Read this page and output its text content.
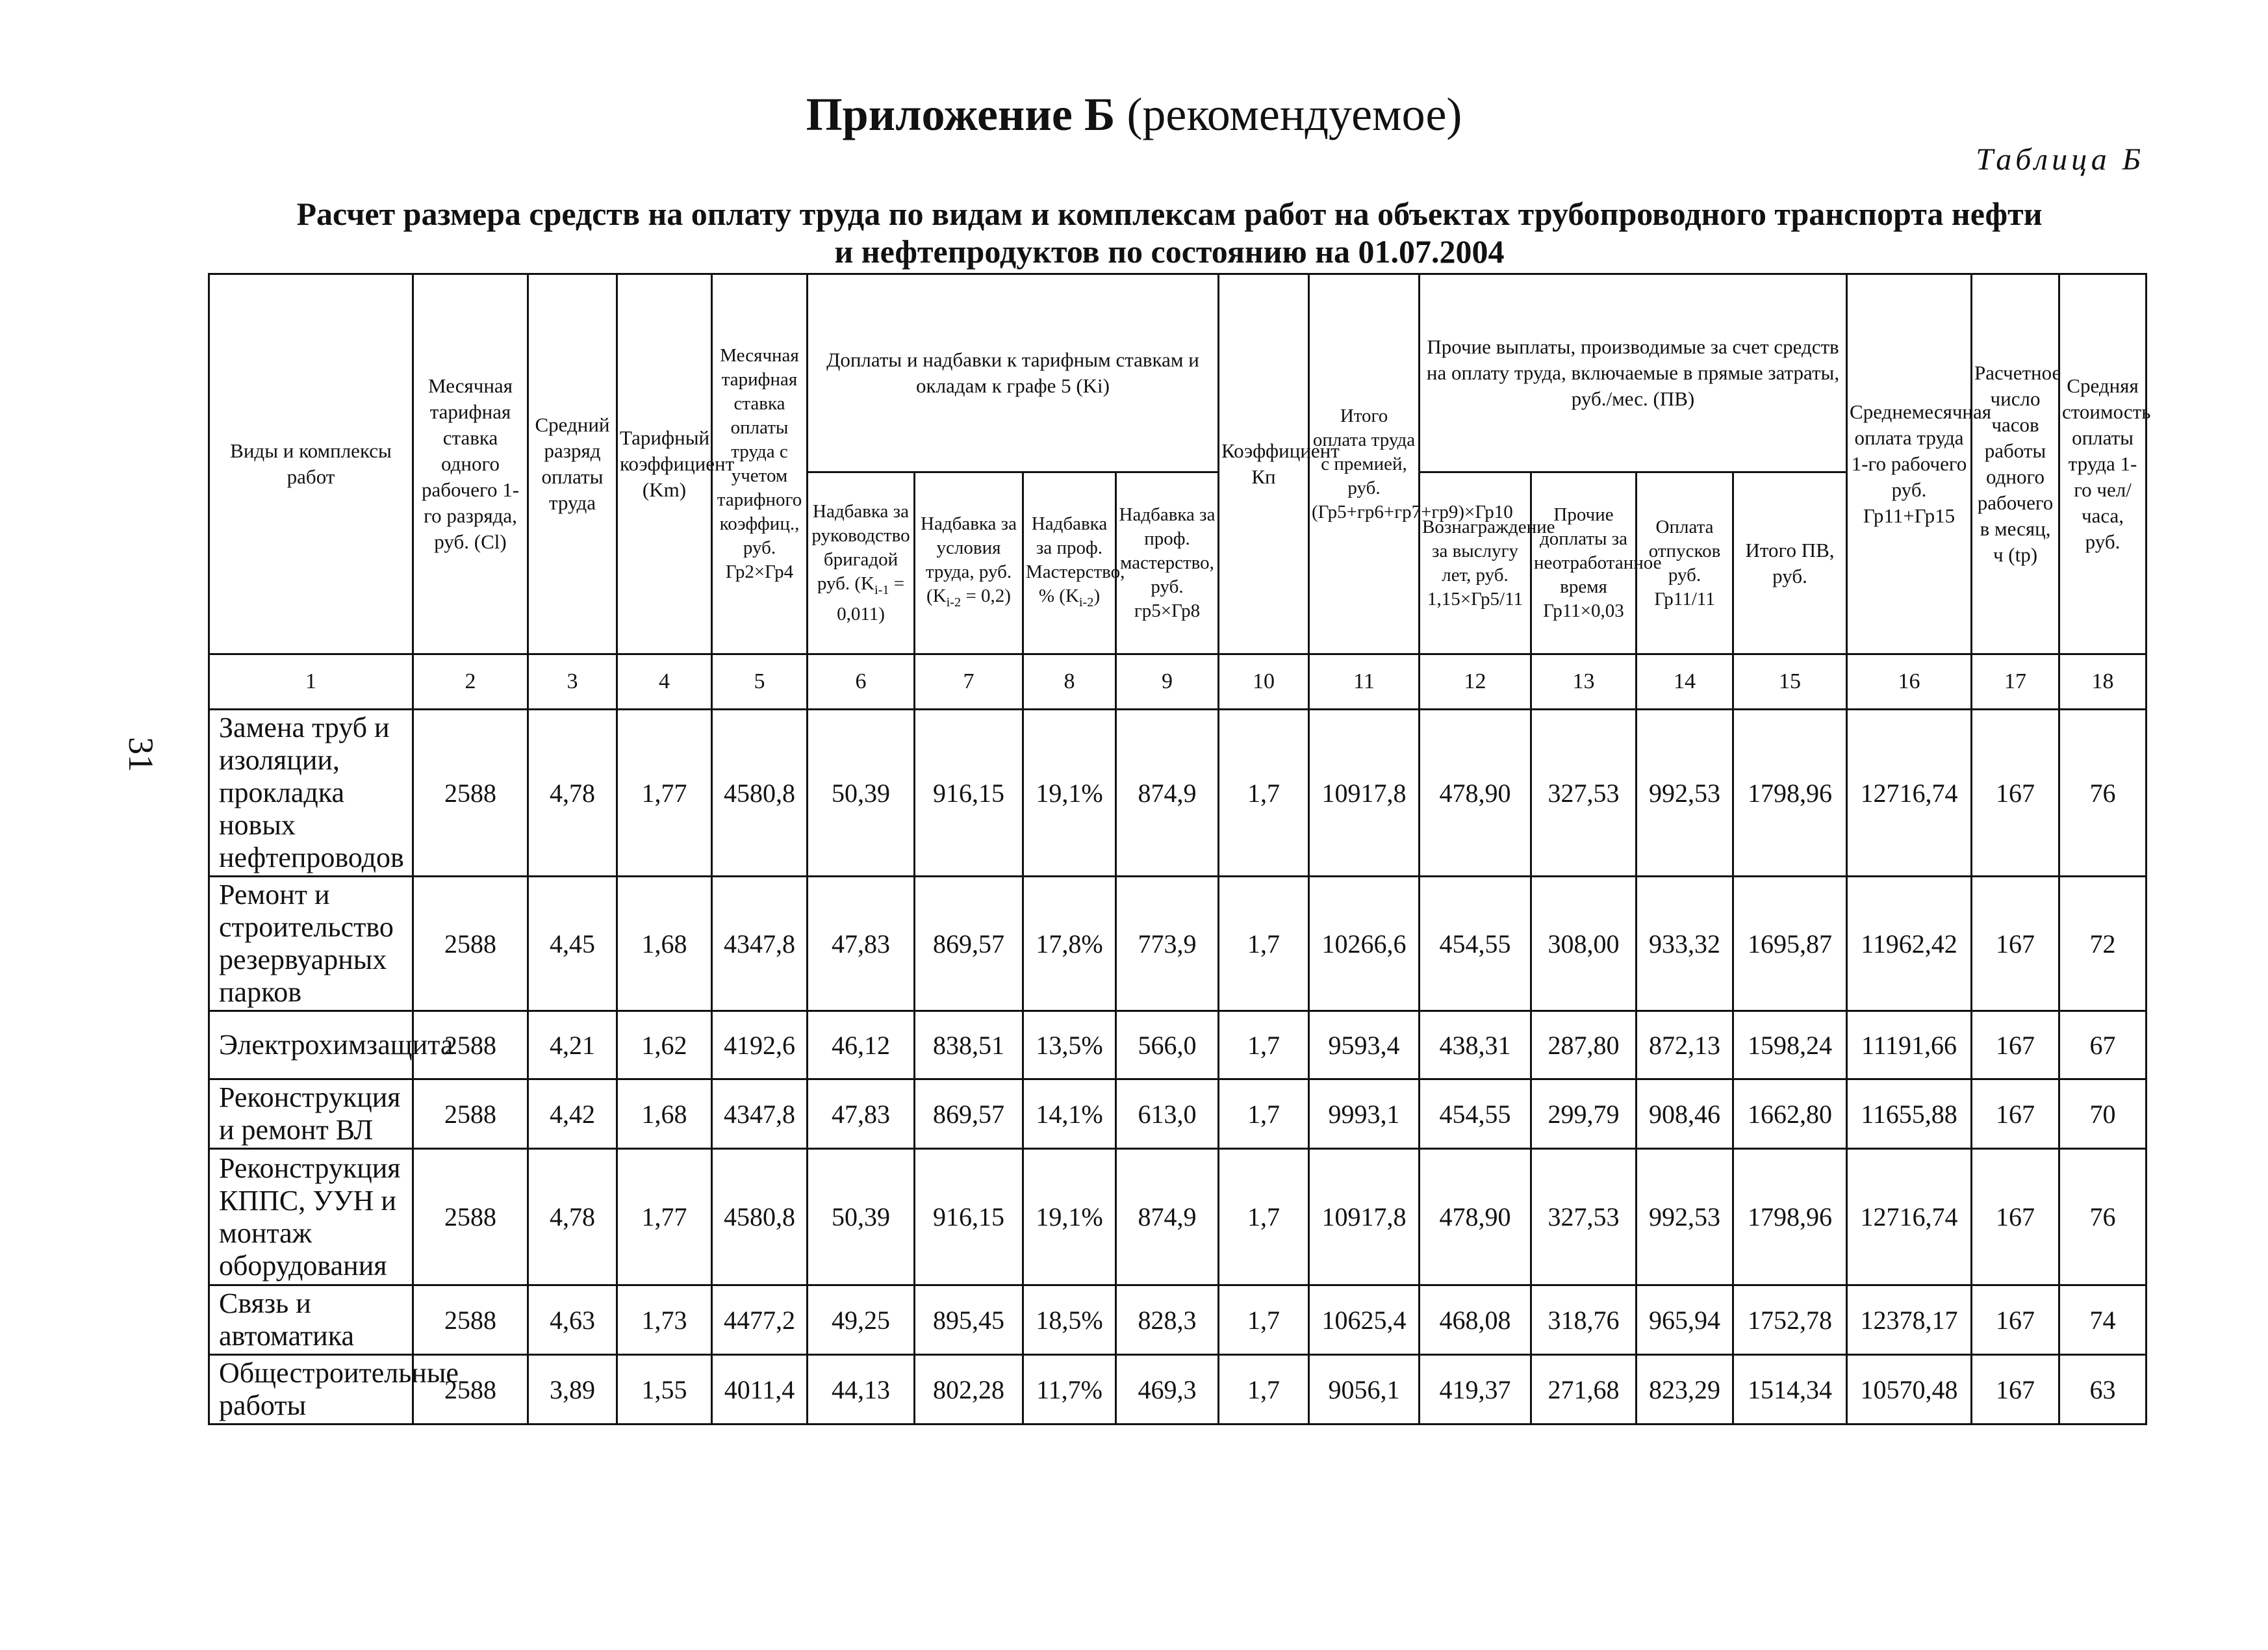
31
Приложение Б (рекомендуемое)
Таблица Б
Расчет размера средств на оплату труда по видам и комплексам работ на объектах трубопроводного транспорта нефти
и нефтепродуктов по состоянию на 01.07.2004
Виды и комплексы работ	Месячная тарифная ставка одного рабочего 1-го разряда, руб. (Cl)	Средний разряд оплаты труда	Тарифный коэффициент (Km)	Месячная тарифная ставка оплаты труда с учетом тарифного коэффиц., руб. Гр2×Гр4	Доплаты и надбавки к тарифным ставкам и окладам к графе 5 (Ki)				Коэффициент Кп	Итого оплата труда с премией, руб. (Гр5+гр6+гр7+гр9)×Гр10	Прочие выплаты, производимые за счет средств на оплату труда, включаемые в прямые затраты, руб./мес. (ПВ)				Среднемесячная оплата труда 1-го рабочего руб. Гр11+Гр15	Расчетное число часов работы одного рабочего в месяц, ч (tp)	Средняя стоимость оплаты труда 1-го чел/часа, руб.
					Надбавка за руководство бригадой руб. $(K_{i-1} = 0,011)$	Надбавка за условия труда, руб. $(K_{i-2} = 0,2)$	Надбавка за проф. Мастерство, % $(K_{i-2})$	Надбавка за проф. мастерство, руб. гр5×Гр8			Вознаграждение за выслугу лет, руб. 1,15×Гр5/11	Прочие доплаты за неотработанное время Гр11×0,03	Оплата отпусков руб. Гр11/11	Итого ПВ, руб.			
1	2	3	4	5	6	7	8	9	10	11	12	13	14	15	16	17	18
Замена труб и изоляции, прокладка новых нефтепроводов	2588	4,78	1,77	4580,8	50,39	916,15	19,1%	874,9	1,7	10917,8	478,90	327,53	992,53	1798,96	12716,74	167	76
Ремонт и строительство резервуарных парков	2588	4,45	1,68	4347,8	47,83	869,57	17,8%	773,9	1,7	10266,6	454,55	308,00	933,32	1695,87	11962,42	167	72
Электрохимзащита	2588	4,21	1,62	4192,6	46,12	838,51	13,5%	566,0	1,7	9593,4	438,31	287,80	872,13	1598,24	11191,66	167	67
Реконструкция и ремонт ВЛ	2588	4,42	1,68	4347,8	47,83	869,57	14,1%	613,0	1,7	9993,1	454,55	299,79	908,46	1662,80	11655,88	167	70
Реконструкция КППС, УУН и монтаж оборудования	2588	4,78	1,77	4580,8	50,39	916,15	19,1%	874,9	1,7	10917,8	478,90	327,53	992,53	1798,96	12716,74	167	76
Связь и автоматика	2588	4,63	1,73	4477,2	49,25	895,45	18,5%	828,3	1,7	10625,4	468,08	318,76	965,94	1752,78	12378,17	167	74
Общестроительные работы	2588	3,89	1,55	4011,4	44,13	802,28	11,7%	469,3	1,7	9056,1	419,37	271,68	823,29	1514,34	10570,48	167	63
